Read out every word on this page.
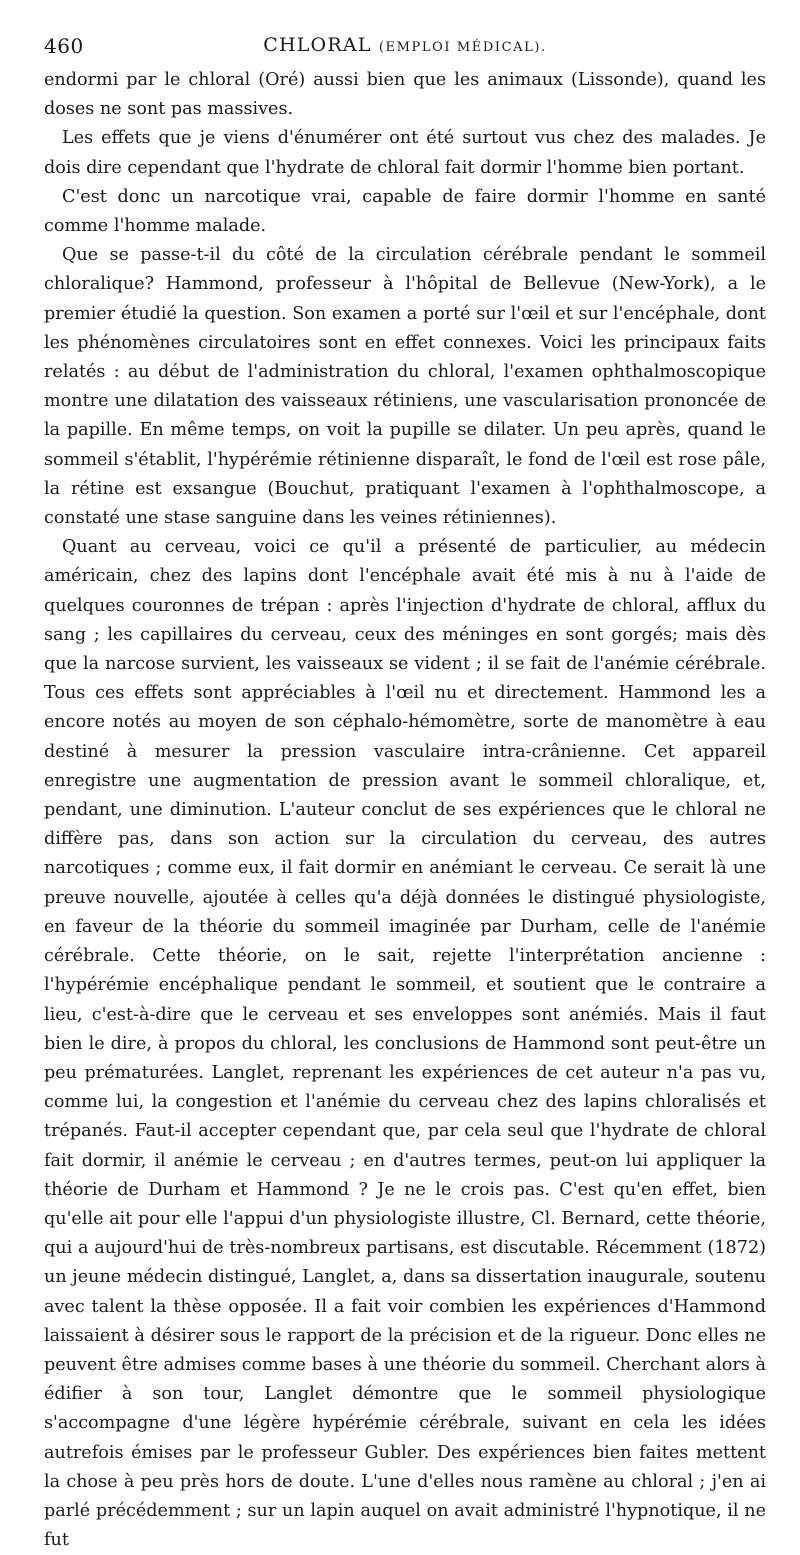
460	CHLORAL (EMPLOI MÉDICAL).

endormi par le chloral (Oré) aussi bien que les animaux (Lissonde), quand les doses ne sont pas massives.

Les effets que je viens d'énumérer ont été surtout vus chez des malades. Je dois dire cependant que l'hydrate de chloral fait dormir l'homme bien portant.

C'est donc un narcotique vrai, capable de faire dormir l'homme en santé comme l'homme malade.

Que se passe-t-il du côté de la circulation cérébrale pendant le sommeil chloralique? Hammond, professeur à l'hôpital de Bellevue (New-York), a le premier étudié la question. Son examen a porté sur l'œil et sur l'encéphale, dont les phénomènes circulatoires sont en effet connexes. Voici les principaux faits relatés : au début de l'administration du chloral, l'examen ophthalmoscopique montre une dilatation des vaisseaux rétiniens, une vascularisation prononcée de la papille. En même temps, on voit la pupille se dilater. Un peu après, quand le sommeil s'établit, l'hypérémie rétinienne disparaît, le fond de l'œil est rose pâle, la rétine est exsangue (Bouchut, pratiquant l'examen à l'ophthalmoscope, a constaté une stase sanguine dans les veines rétiniennes).

Quant au cerveau, voici ce qu'il a présenté de particulier, au médecin américain, chez des lapins dont l'encéphale avait été mis à nu à l'aide de quelques couronnes de trépan : après l'injection d'hydrate de chloral, afflux du sang ; les capillaires du cerveau, ceux des méninges en sont gorgés; mais dès que la narcose survient, les vaisseaux se vident ; il se fait de l'anémie cérébrale. Tous ces effets sont appréciables à l'œil nu et directement. Hammond les a encore notés au moyen de son céphalo-hémomètre, sorte de manomètre à eau destiné à mesurer la pression vasculaire intra-crânienne. Cet appareil enregistre une augmentation de pression avant le sommeil chloralique, et, pendant, une diminution. L'auteur conclut de ses expériences que le chloral ne diffère pas, dans son action sur la circulation du cerveau, des autres narcotiques ; comme eux, il fait dormir en anémiant le cerveau. Ce serait là une preuve nouvelle, ajoutée à celles qu'a déjà données le distingué physiologiste, en faveur de la théorie du sommeil imaginée par Durham, celle de l'anémie cérébrale. Cette théorie, on le sait, rejette l'interprétation ancienne : l'hypérémie encéphalique pendant le sommeil, et soutient que le contraire a lieu, c'est-à-dire que le cerveau et ses enveloppes sont anémiés. Mais il faut bien le dire, à propos du chloral, les conclusions de Hammond sont peut-être un peu prématurées. Langlet, reprenant les expériences de cet auteur n'a pas vu, comme lui, la congestion et l'anémie du cerveau chez des lapins chloralisés et trépanés. Faut-il accepter cependant que, par cela seul que l'hydrate de chloral fait dormir, il anémie le cerveau ; en d'autres termes, peut-on lui appliquer la théorie de Durham et Hammond ? Je ne le crois pas. C'est qu'en effet, bien qu'elle ait pour elle l'appui d'un physiologiste illustre, Cl. Bernard, cette théorie, qui a aujourd'hui de très-nombreux partisans, est discutable. Récemment (1872) un jeune médecin distingué, Langlet, a, dans sa dissertation inaugurale, soutenu avec talent la thèse opposée. Il a fait voir combien les expériences d'Hammond laissaient à désirer sous le rapport de la précision et de la rigueur. Donc elles ne peuvent être admises comme bases à une théorie du sommeil. Cherchant alors à édifier à son tour, Langlet démontre que le sommeil physiologique s'accompagne d'une légère hypérémie cérébrale, suivant en cela les idées autrefois émises par le professeur Gubler. Des expériences bien faites mettent la chose à peu près hors de doute. L'une d'elles nous ramène au chloral ; j'en ai parlé précédemment ; sur un lapin auquel on avait administré l'hypnotique, il ne fut
